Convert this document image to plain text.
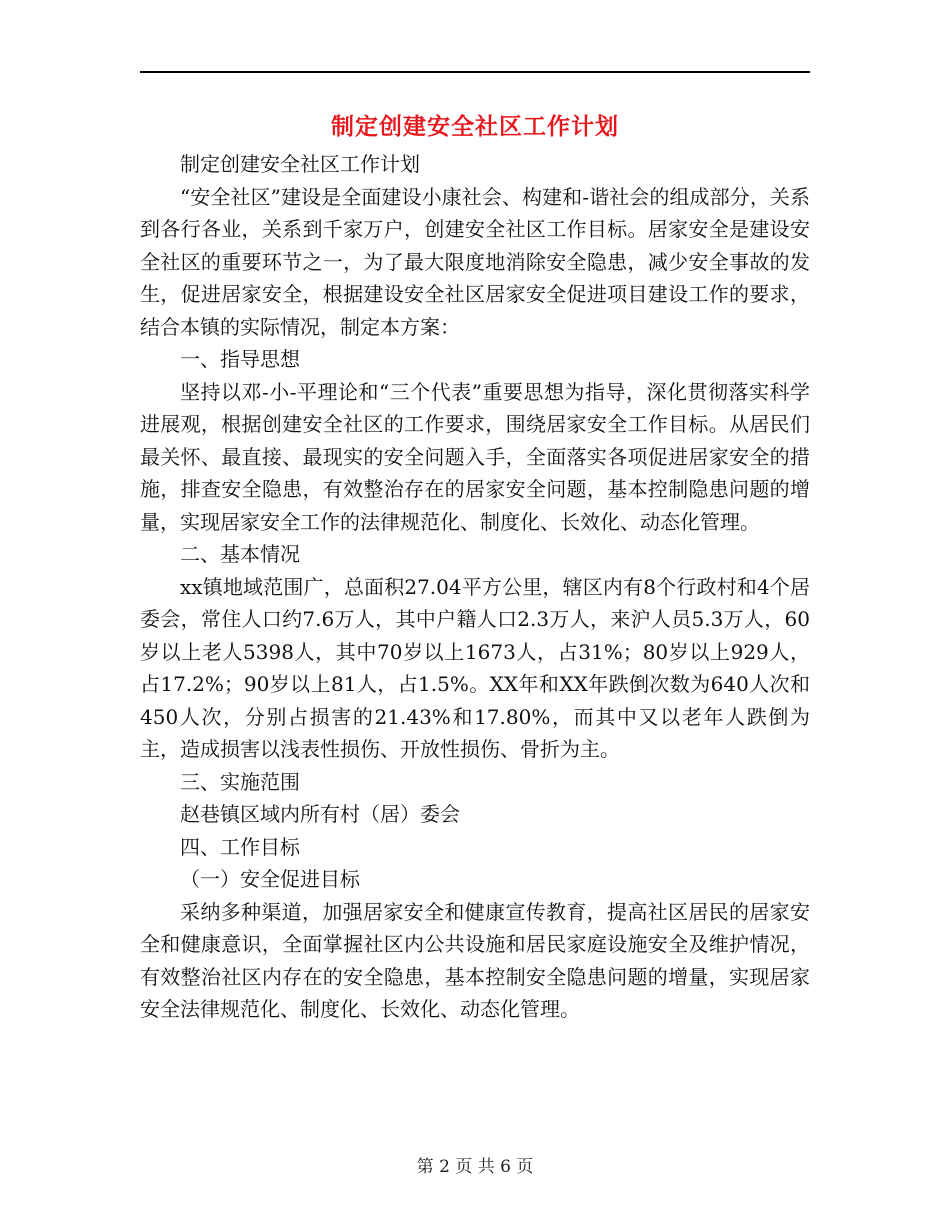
制定创建安全社区工作计划

制定创建安全社区工作计划

“安全社区”建设是全面建设小康社会、构建和-谐社会的组成部分，关系到各行各业，关系到千家万户，创建安全社区工作目标。居家安全是建设安全社区的重要环节之一，为了最大限度地消除安全隐患，减少安全事故的发生，促进居家安全，根据建设安全社区居家安全促进项目建设工作的要求，结合本镇的实际情况，制定本方案：

一、指导思想

坚持以邓-小-平理论和“三个代表”重要思想为指导，深化贯彻落实科学进展观，根据创建安全社区的工作要求，围绕居家安全工作目标。从居民们最关怀、最直接、最现实的安全问题入手，全面落实各项促进居家安全的措施，排查安全隐患，有效整治存在的居家安全问题，基本控制隐患问题的增量，实现居家安全工作的法律规范化、制度化、长效化、动态化管理。

二、基本情况

xx镇地域范围广，总面积27.04平方公里，辖区内有8个行政村和4个居委会，常住人口约7.6万人，其中户籍人口2.3万人，来沪人员5.3万人，60岁以上老人5398人，其中70岁以上1673人，占31%；80岁以上929人，占17.2%；90岁以上81人，占1.5%。XX年和XX年跌倒次数为640人次和450人次，分别占损害的21.43%和17.80%，而其中又以老年人跌倒为主，造成损害以浅表性损伤、开放性损伤、骨折为主。

三、实施范围

赵巷镇区域内所有村（居）委会

四、工作目标

（一）安全促进目标

采纳多种渠道，加强居家安全和健康宣传教育，提高社区居民的居家安全和健康意识，全面掌握社区内公共设施和居民家庭设施安全及维护情况，有效整治社区内存在的安全隐患，基本控制安全隐患问题的增量，实现居家安全法律规范化、制度化、长效化、动态化管理。

第 2 页 共 6 页
